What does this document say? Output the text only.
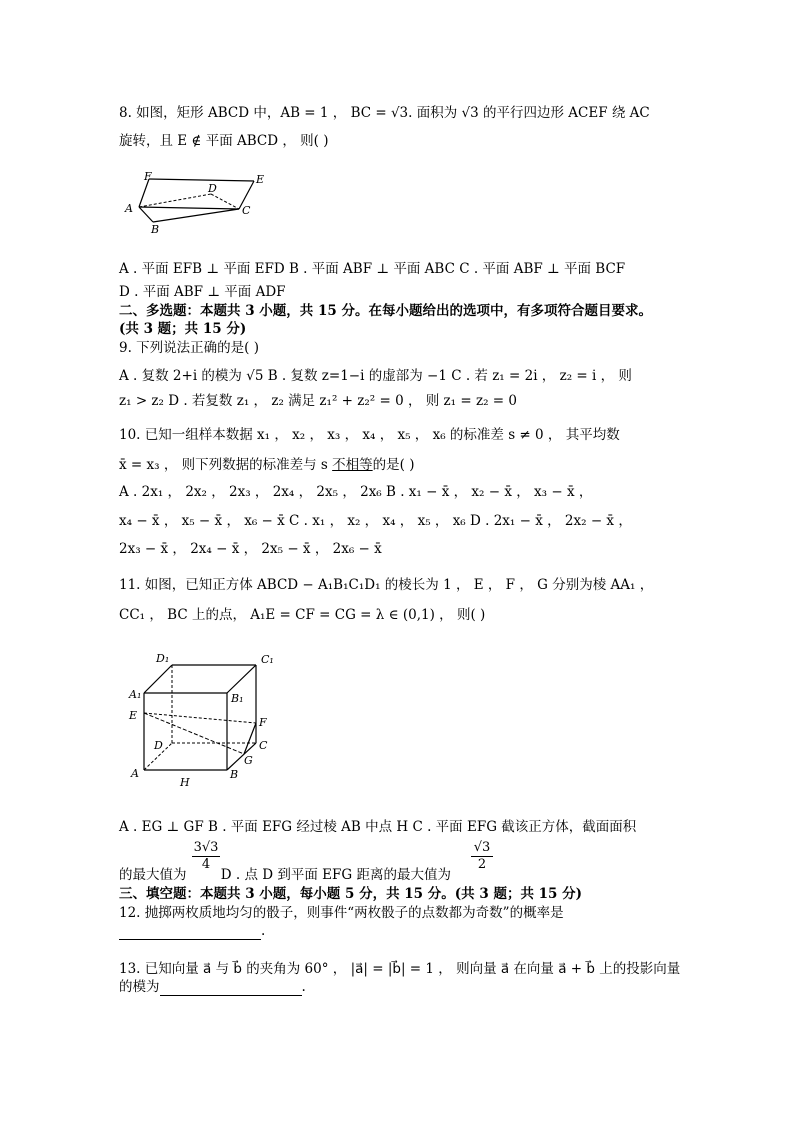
8. 如图，矩形 ABCD 中，AB = 1 ， BC = √3. 面积为 √3 的平行四边形 ACEF 绕 AC
旋转，且 E ∉ 平面 ABCD ， 则( )
F
D
E
A	C
B
A . 平面 EFB ⊥ 平面 EFD B . 平面 ABF ⊥ 平面 ABC C . 平面 ABF ⊥ 平面 BCF
D . 平面 ABF ⊥ 平面 ADF
二、多选题：本题共 3 小题，共 15 分。在每小题给出的选项中，有多项符合题目要求。
(共 3 题；共 15 分)
9. 下列说法正确的是( )
A . 复数 2+i 的模为 √5 B . 复数 z=1−i 的虚部为 −1 C . 若 z₁ = 2i ， z₂ = i ， 则
z₁ > z₂ D . 若复数 z₁ ， z₂ 满足 z₁² + z₂² = 0 ， 则 z₁ = z₂ = 0
10. 已知一组样本数据 x₁ ， x₂ ， x₃ ， x₄ ， x₅ ， x₆ 的标准差 s ≠ 0 ， 其平均数
x̄ = x₃ ， 则下列数据的标准差与 s 不相等的是( )
A . 2x₁ ， 2x₂ ， 2x₃ ， 2x₄ ， 2x₅ ， 2x₆ B . x₁ − x̄ ， x₂ − x̄ ， x₃ − x̄ ，
x₄ − x̄ ， x₅ − x̄ ， x₆ − x̄ C . x₁ ， x₂ ， x₄ ， x₅ ， x₆ D . 2x₁ − x̄ ， 2x₂ − x̄ ，
2x₃ − x̄ ， 2x₄ − x̄ ， 2x₅ − x̄ ， 2x₆ − x̄
11. 如图，已知正方体 ABCD − A₁B₁C₁D₁ 的棱长为 1 ， E ， F ， G 分别为棱 AA₁ ，
CC₁ ， BC 上的点， A₁E = CF = CG = λ ∈ (0,1) ， 则( )
D₁	C₁
A₁	B₁
E
F
D	C
G
A
H
B
A . EG ⊥ GF B . 平面 EFG 经过棱 AB 中点 H C . 平面 EFG 截该正方体，截面面积
$\frac{3√3}{4}$
的最大值为 D . 点 D 到平面 EFG 距离的最大值为
$\frac{√3}{2}$
三、填空题：本题共 3 小题，每小题 5 分，共 15 分。(共 3 题；共 15 分)
12. 抛掷两枚质地均匀的骰子，则事件“两枚骰子的点数都为奇数”的概率是
.
13. 已知向量 a⃗ 与 b⃗ 的夹角为 60° ， |a⃗| = |b⃗| = 1 ， 则向量 a⃗ 在向量 a⃗ + b⃗ 上的投影向量
的模为	.
